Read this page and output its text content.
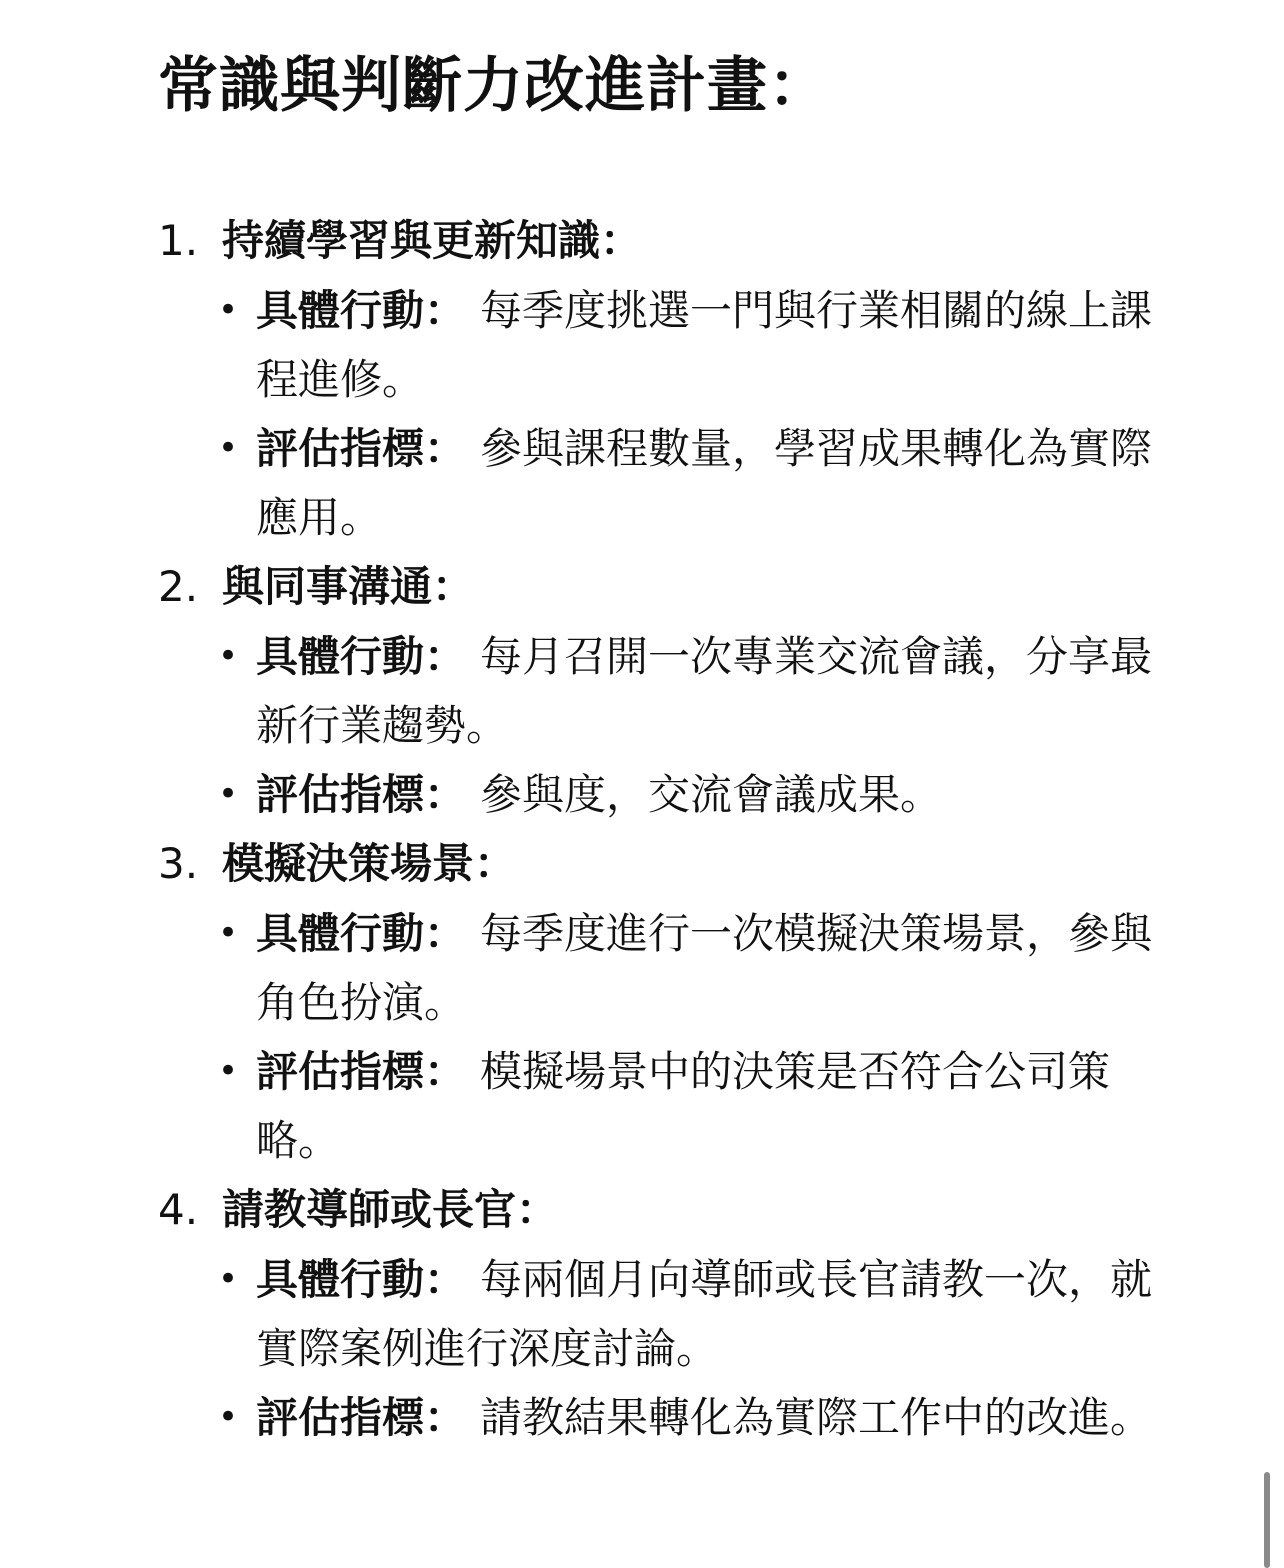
常識與判斷力改進計畫：
1. 持續學習與更新知識：
• 具體行動： 每季度挑選一門與行業相關的線上課程進修。
• 評估指標： 參與課程數量，學習成果轉化為實際應用。
2. 與同事溝通：
• 具體行動： 每月召開一次專業交流會議，分享最新行業趨勢。
• 評估指標： 參與度，交流會議成果。
3. 模擬決策場景：
• 具體行動： 每季度進行一次模擬決策場景，參與角色扮演。
• 評估指標： 模擬場景中的決策是否符合公司策略。
4. 請教導師或長官：
• 具體行動： 每兩個月向導師或長官請教一次，就實際案例進行深度討論。
• 評估指標： 請教結果轉化為實際工作中的改進。
